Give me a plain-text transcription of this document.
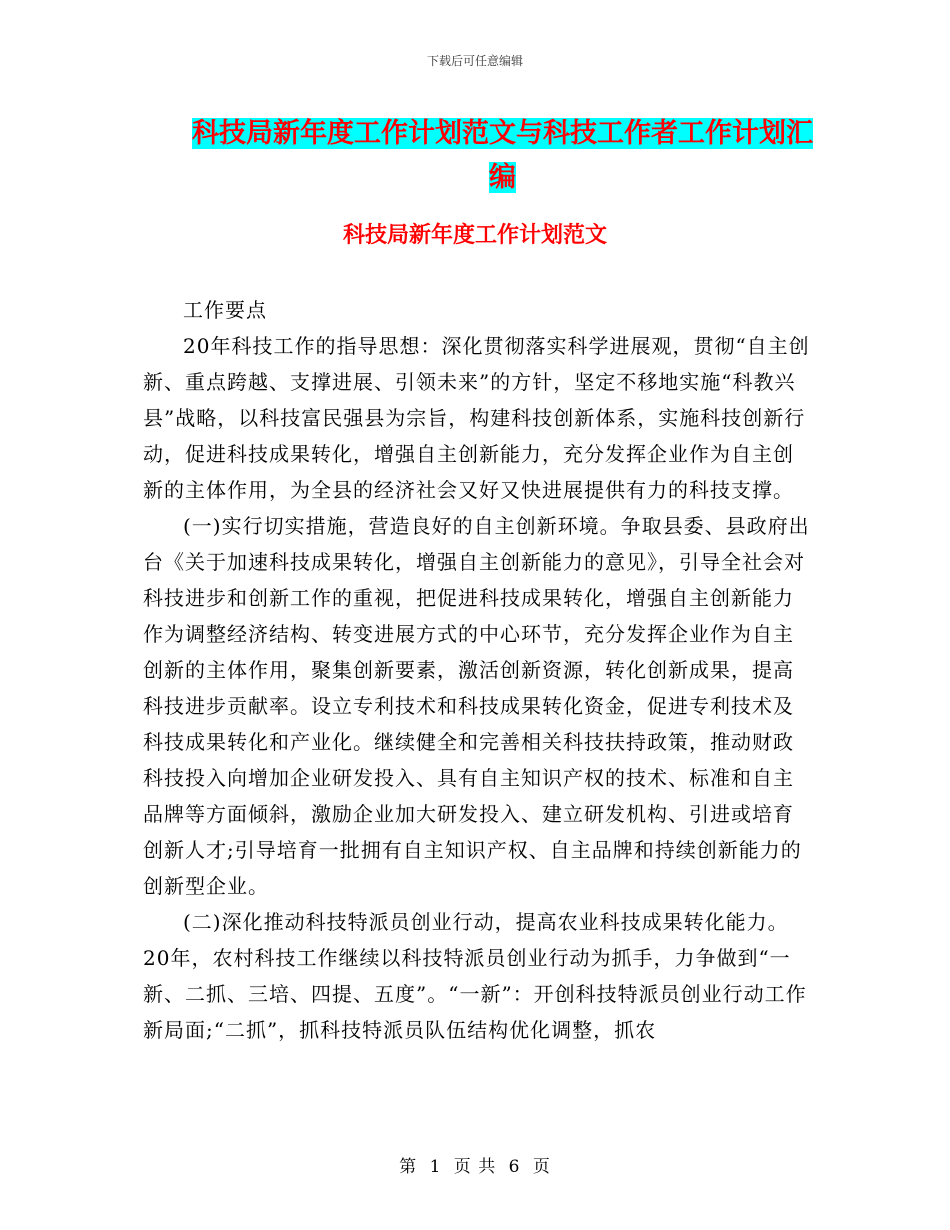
下载后可任意编辑
科技局新年度工作计划范文与科技工作者工作计划汇编
科技局新年度工作计划范文

工作要点

20年科技工作的指导思想：深化贯彻落实科学进展观，贯彻“自主创新、重点跨越、支撑进展、引领未来”的方针，坚定不移地实施“科教兴县”战略，以科技富民强县为宗旨，构建科技创新体系，实施科技创新行动，促进科技成果转化，增强自主创新能力，充分发挥企业作为自主创新的主体作用，为全县的经济社会又好又快进展提供有力的科技支撑。

(一)实行切实措施，营造良好的自主创新环境。争取县委、县政府出台《关于加速科技成果转化，增强自主创新能力的意见》，引导全社会对科技进步和创新工作的重视，把促进科技成果转化，增强自主创新能力作为调整经济结构、转变进展方式的中心环节，充分发挥企业作为自主创新的主体作用，聚集创新要素，激活创新资源，转化创新成果，提高科技进步贡献率。设立专利技术和科技成果转化资金，促进专利技术及科技成果转化和产业化。继续健全和完善相关科技扶持政策，推动财政科技投入向增加企业研发投入、具有自主知识产权的技术、标准和自主品牌等方面倾斜，激励企业加大研发投入、建立研发机构、引进或培育创新人才;引导培育一批拥有自主知识产权、自主品牌和持续创新能力的创新型企业。

(二)深化推动科技特派员创业行动，提高农业科技成果转化能力。20年，农村科技工作继续以科技特派员创业行动为抓手，力争做到“一新、二抓、三培、四提、五度”。“一新”：开创科技特派员创业行动工作新局面;“二抓”，抓科技特派员队伍结构优化调整，抓农

第 1 页 共 6 页
